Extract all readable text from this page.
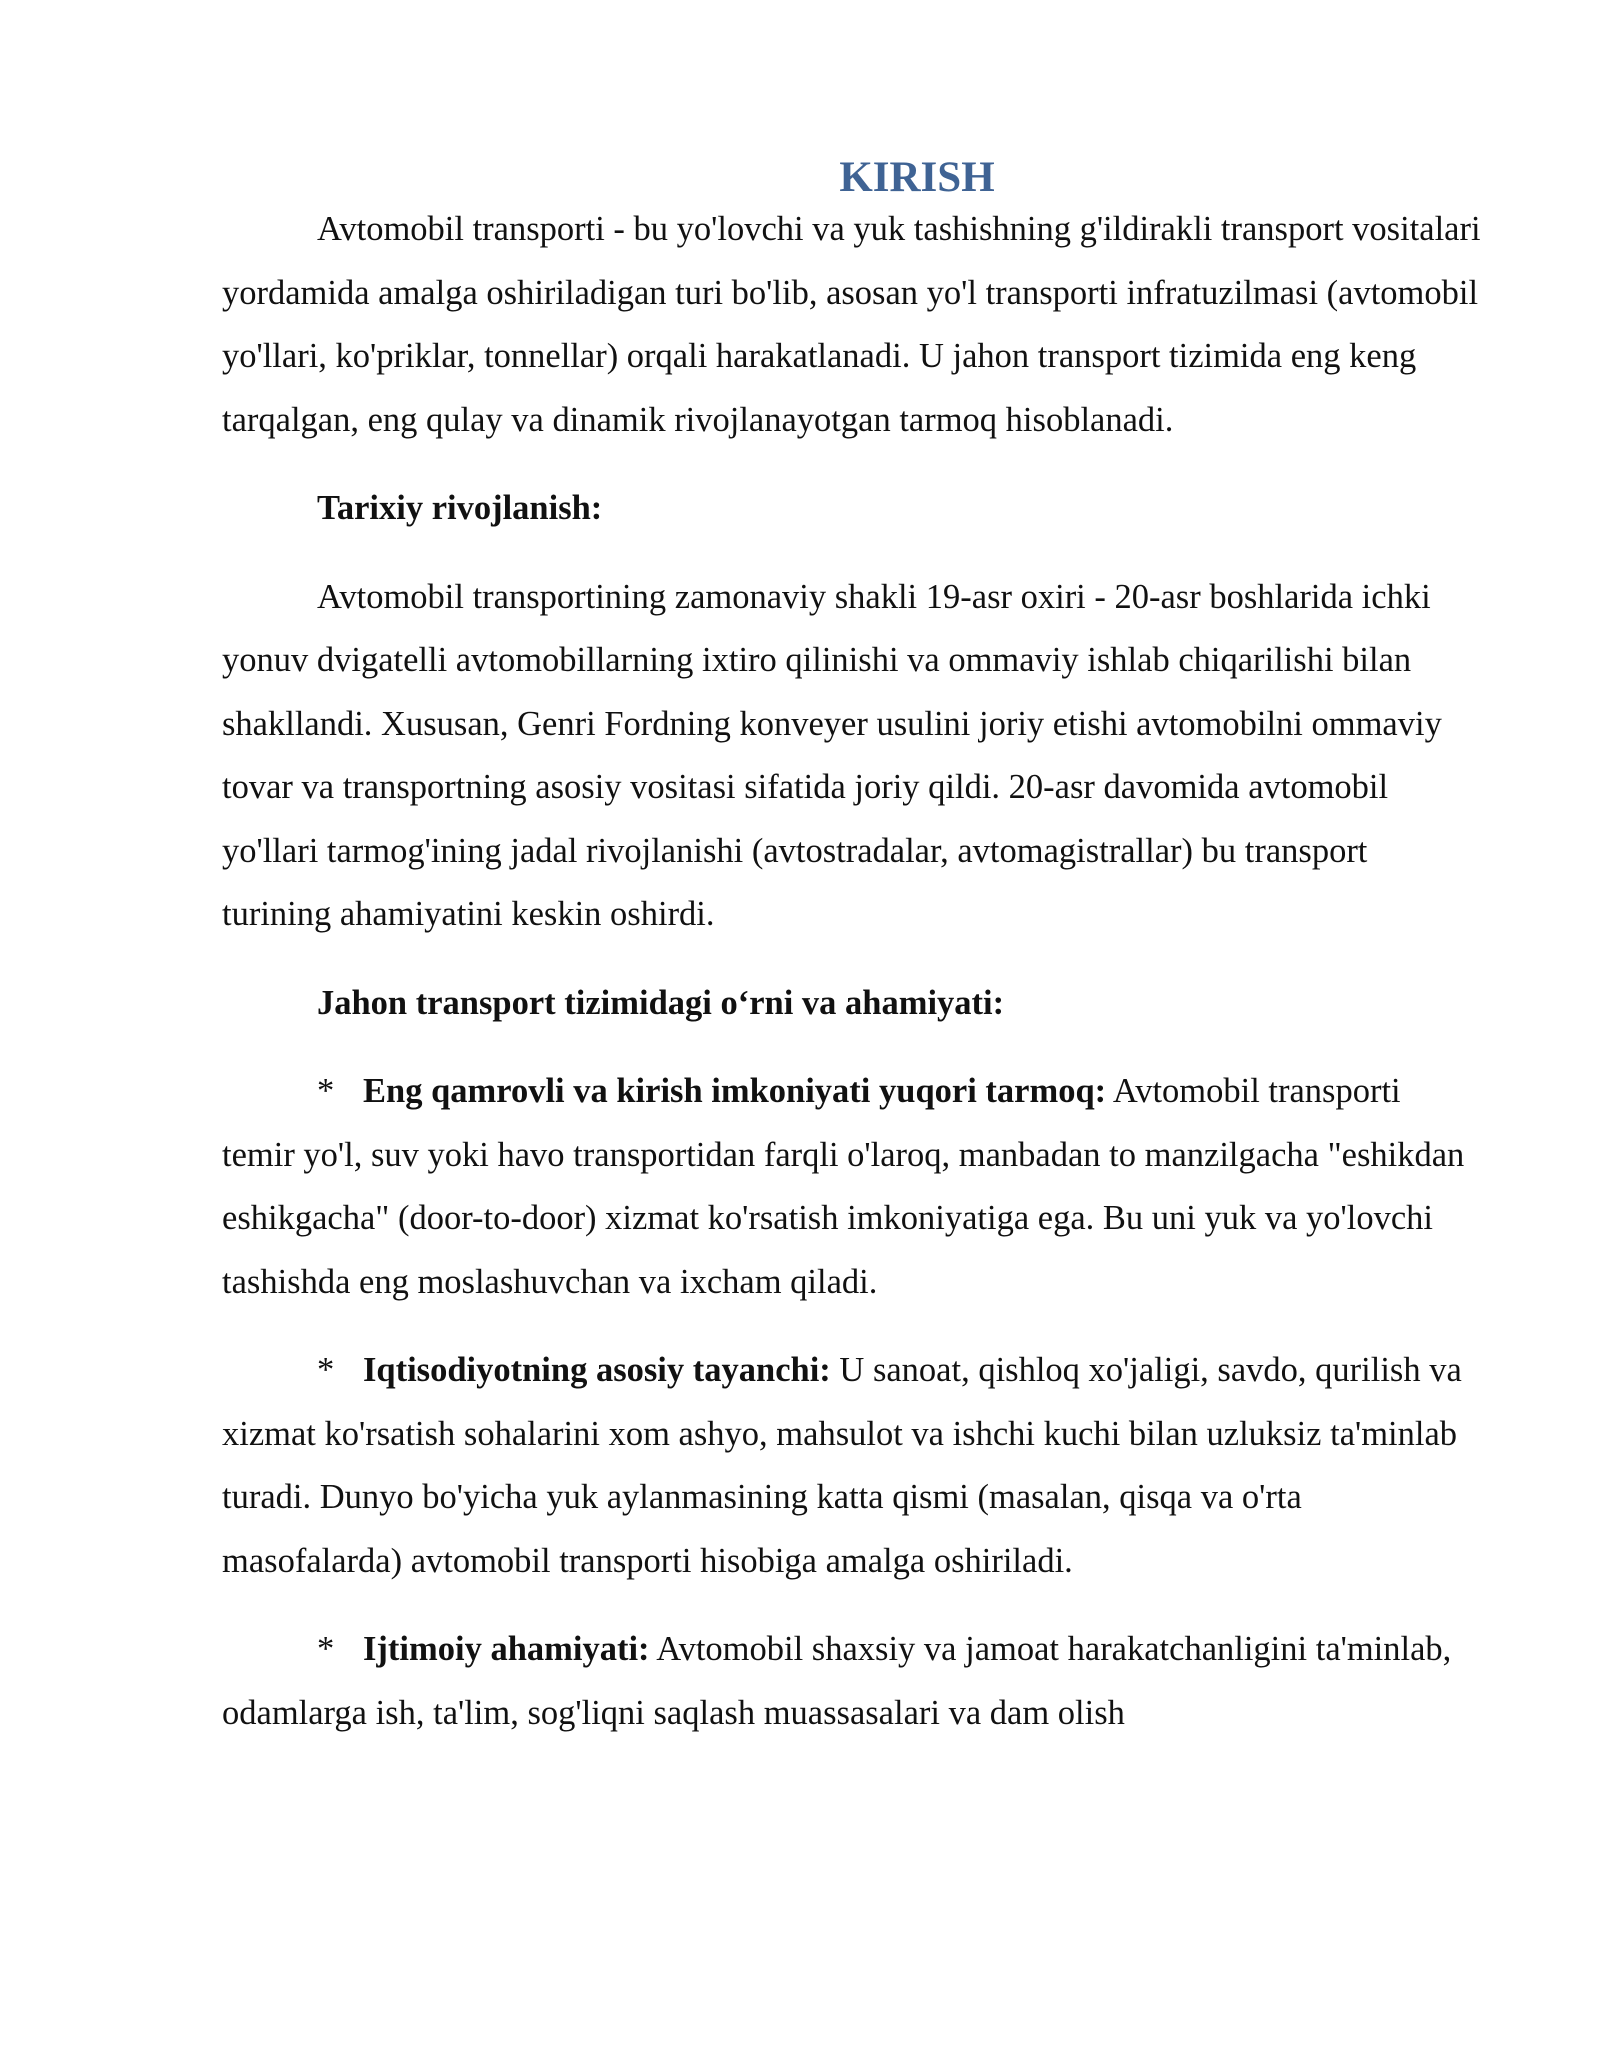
KIRISH

Avtomobil transporti - bu yo'lovchi va yuk tashishning g'ildirakli transport vositalari yordamida amalga oshiriladigan turi bo'lib, asosan yo'l transporti infratuzilmasi (avtomobil yo'llari, ko'priklar, tonnellar) orqali harakatlanadi. U jahon transport tizimida eng keng tarqalgan, eng qulay va dinamik rivojlanayotgan tarmoq hisoblanadi.

Tarixiy rivojlanish:

Avtomobil transportining zamonaviy shakli 19-asr oxiri - 20-asr boshlarida ichki yonuv dvigatelli avtomobillarning ixtiro qilinishi va ommaviy ishlab chiqarilishi bilan shakllandi. Xususan, Genri Fordning konveyer usulini joriy etishi avtomobilni ommaviy tovar va transportning asosiy vositasi sifatida joriy qildi. 20-asr davomida avtomobil yo'llari tarmog'ining jadal rivojlanishi (avtostradalar, avtomagistrallar) bu transport turining ahamiyatini keskin oshirdi.

Jahon transport tizimidagi o‘rni va ahamiyati:

* Eng qamrovli va kirish imkoniyati yuqori tarmoq: Avtomobil transporti temir yo'l, suv yoki havo transportidan farqli o'laroq, manbadan to manzilgacha "eshikdan eshikgacha" (door-to-door) xizmat ko'rsatish imkoniyatiga ega. Bu uni yuk va yo'lovchi tashishda eng moslashuvchan va ixcham qiladi.

* Iqtisodiyotning asosiy tayanchi: U sanoat, qishloq xo'jaligi, savdo, qurilish va xizmat ko'rsatish sohalarini xom ashyo, mahsulot va ishchi kuchi bilan uzluksiz ta'minlab turadi. Dunyo bo'yicha yuk aylanmasining katta qismi (masalan, qisqa va o'rta masofalarda) avtomobil transporti hisobiga amalga oshiriladi.

* Ijtimoiy ahamiyati: Avtomobil shaxsiy va jamoat harakatchanligini ta'minlab, odamlarga ish, ta'lim, sog'liqni saqlash muassasalari va dam olish
